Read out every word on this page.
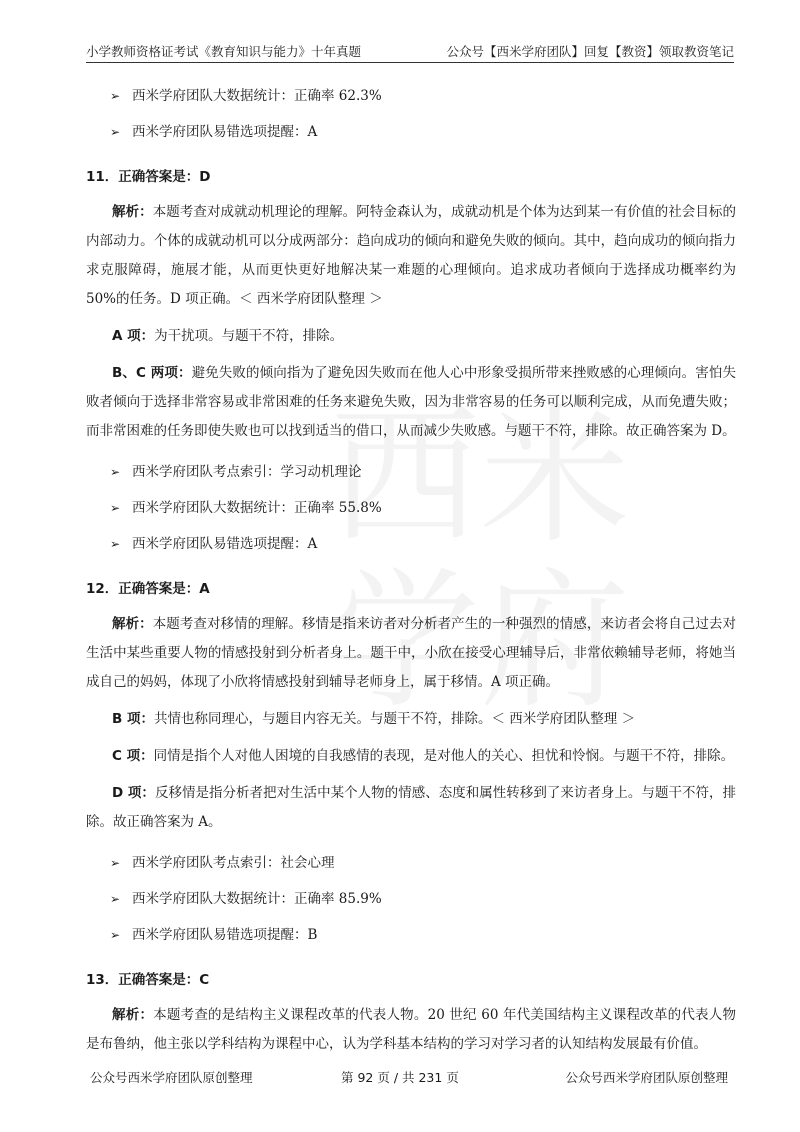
小学教师资格证考试《教育知识与能力》十年真题	公众号【西米学府团队】回复【教资】领取教资笔记
➢ 西米学府团队大数据统计：正确率 62.3%
➢ 西米学府团队易错选项提醒：A
11．正确答案是：D
解析：本题考查对成就动机理论的理解。阿特金森认为，成就动机是个体为达到某一有价值的社会目标的内部动力。个体的成就动机可以分成两部分：趋向成功的倾向和避免失败的倾向。其中，趋向成功的倾向指力求克服障碍，施展才能，从而更快更好地解决某一难题的心理倾向。追求成功者倾向于选择成功概率约为 50%的任务。D 项正确。＜ 西米学府团队整理 ＞
A 项：为干扰项。与题干不符，排除。
B、C 两项：避免失败的倾向指为了避免因失败而在他人心中形象受损所带来挫败感的心理倾向。害怕失败者倾向于选择非常容易或非常困难的任务来避免失败，因为非常容易的任务可以顺利完成，从而免遭失败；而非常困难的任务即使失败也可以找到适当的借口，从而减少失败感。与题干不符，排除。故正确答案为 D。
➢ 西米学府团队考点索引：学习动机理论
➢ 西米学府团队大数据统计：正确率 55.8%
➢ 西米学府团队易错选项提醒：A
12．正确答案是：A
解析：本题考查对移情的理解。移情是指来访者对分析者产生的一种强烈的情感，来访者会将自己过去对生活中某些重要人物的情感投射到分析者身上。题干中，小欣在接受心理辅导后，非常依赖辅导老师，将她当成自己的妈妈，体现了小欣将情感投射到辅导老师身上，属于移情。A 项正确。
B 项：共情也称同理心，与题目内容无关。与题干不符，排除。＜ 西米学府团队整理 ＞
C 项：同情是指个人对他人困境的自我感情的表现，是对他人的关心、担忧和怜悯。与题干不符，排除。
D 项：反移情是指分析者把对生活中某个人物的情感、态度和属性转移到了来访者身上。与题干不符，排除。故正确答案为 A。
➢ 西米学府团队考点索引：社会心理
➢ 西米学府团队大数据统计：正确率 85.9%
➢ 西米学府团队易错选项提醒：B
13．正确答案是：C
解析：本题考查的是结构主义课程改革的代表人物。20 世纪 60 年代美国结构主义课程改革的代表人物是布鲁纳，他主张以学科结构为课程中心，认为学科基本结构的学习对学习者的认知结构发展最有价值。
公众号西米学府团队原创整理	第 92 页 / 共 231 页	公众号西米学府团队原创整理
